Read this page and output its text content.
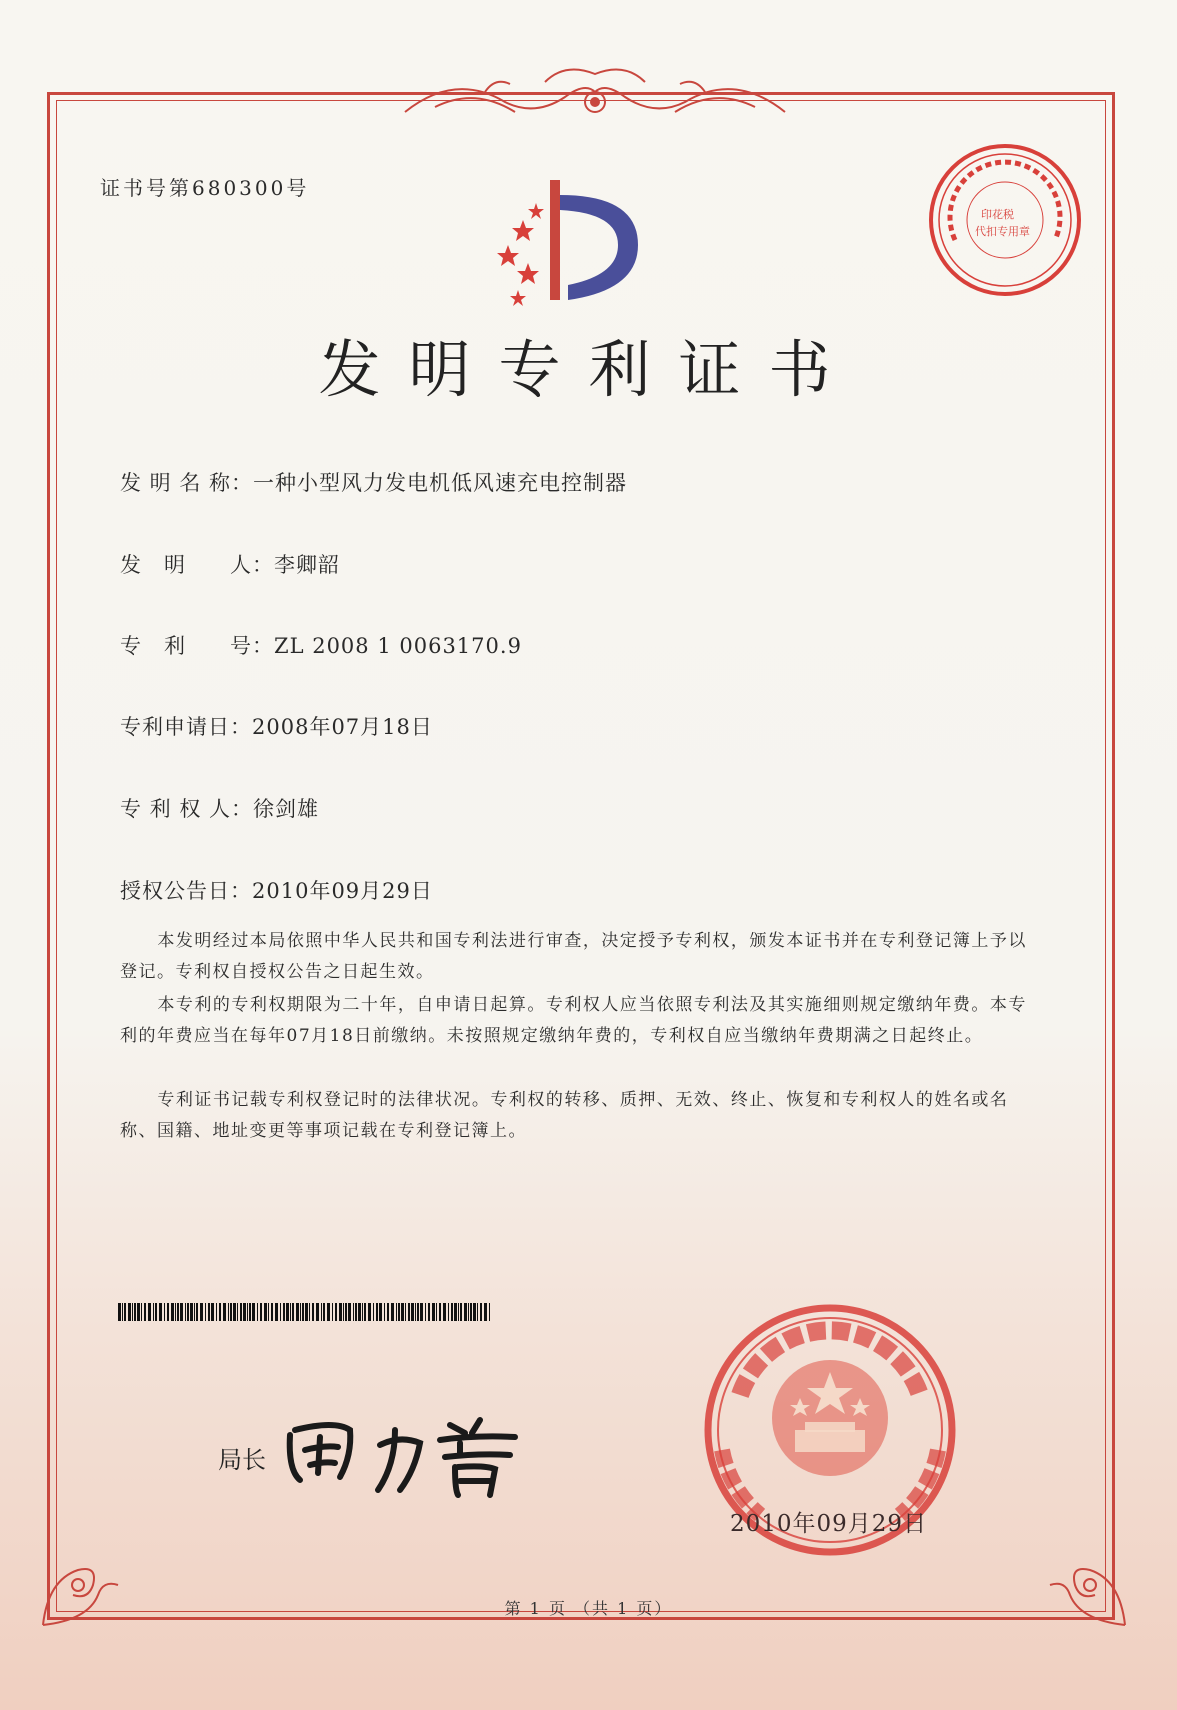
证书号第680300号
发明专利证书
发 明 名 称：一种小型风力发电机低风速充电控制器
发　明　　人：李卿韶
专　利　　号：ZL 2008 1 0063170.9
专利申请日：2008年07月18日
专 利 权 人：徐剑雄
授权公告日：2010年09月29日
本发明经过本局依照中华人民共和国专利法进行审查，决定授予专利权，颁发本证书并在专利登记簿上予以登记。专利权自授权公告之日起生效。
本专利的专利权期限为二十年，自申请日起算。专利权人应当依照专利法及其实施细则规定缴纳年费。本专利的年费应当在每年07月18日前缴纳。未按照规定缴纳年费的，专利权自应当缴纳年费期满之日起终止。
专利证书记载专利权登记时的法律状况。专利权的转移、质押、无效、终止、恢复和专利权人的姓名或名称、国籍、地址变更等事项记载在专利登记簿上。
局长
印花税
代扣专用章
2010年09月29日
第 1 页 （共 1 页）
